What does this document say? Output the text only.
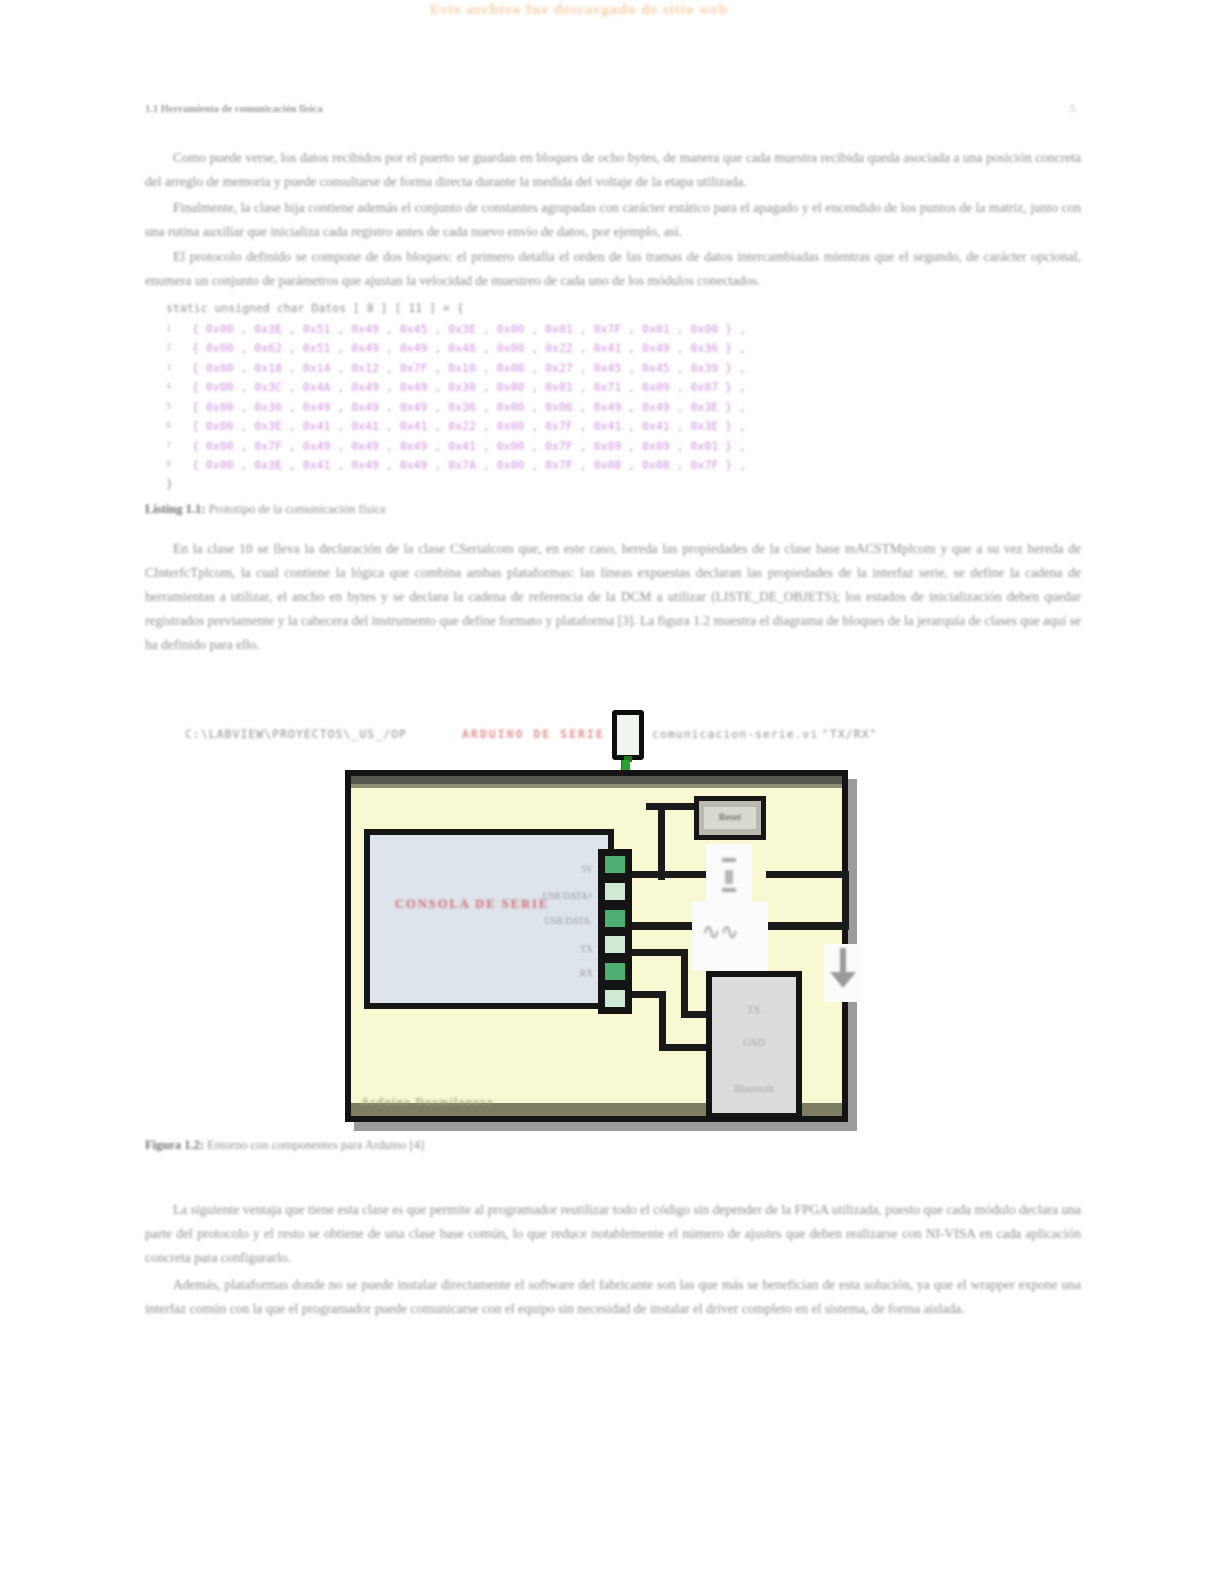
Este archivo fue descargado de sitio web
1.1 Herramienta de comunicación física	5
Como puede verse, los datos recibidos por el puerto se guardan en bloques de ocho bytes, de manera que cada muestra recibida queda asociada a una posición concreta del arreglo de memoria y puede consultarse de forma directa durante la medida del voltaje de la etapa utilizada.
Finalmente, la clase hija contiene además el conjunto de constantes agrupadas con carácter estático para el apagado y el encendido de los puntos de la matriz, junto con una rutina auxiliar que inicializa cada registro antes de cada nuevo envío de datos, por ejemplo, así.
El protocolo definido se compone de dos bloques: el primero detalla el orden de las tramas de datos intercambiadas mientras que el segundo, de carácter opcional, enumera un conjunto de parámetros que ajustan la velocidad de muestreo de cada uno de los módulos conectados.
static unsigned char Datos [ 8 ] [ 11 ] = {
1	{ 0x00 , 0x3E , 0x51 , 0x49 , 0x45 , 0x3E , 0x00 , 0x01 , 0x7F , 0x01 , 0x00 } ,
2	{ 0x00 , 0x62 , 0x51 , 0x49 , 0x49 , 0x46 , 0x00 , 0x22 , 0x41 , 0x49 , 0x36 } ,
3	{ 0x00 , 0x18 , 0x14 , 0x12 , 0x7F , 0x10 , 0x00 , 0x27 , 0x45 , 0x45 , 0x39 } ,
4	{ 0x00 , 0x3C , 0x4A , 0x49 , 0x49 , 0x30 , 0x00 , 0x01 , 0x71 , 0x09 , 0x07 } ,
5	{ 0x00 , 0x36 , 0x49 , 0x49 , 0x49 , 0x36 , 0x00 , 0x06 , 0x49 , 0x49 , 0x3E } ,
6	{ 0x00 , 0x3E , 0x41 , 0x41 , 0x41 , 0x22 , 0x00 , 0x7F , 0x41 , 0x41 , 0x3E } ,
7	{ 0x00 , 0x7F , 0x49 , 0x49 , 0x49 , 0x41 , 0x00 , 0x7F , 0x09 , 0x09 , 0x01 } ,
8	{ 0x00 , 0x3E , 0x41 , 0x49 , 0x49 , 0x7A , 0x00 , 0x7F , 0x08 , 0x08 , 0x7F } ,
}
Listing 1.1: Prototipo de la comunicación física
En la clase 10 se lleva la declaración de la clase CSerialcom que, en este caso, hereda las propiedades de la clase base mACSTMplcom y que a su vez hereda de CInterfcTplcom, la cual contiene la lógica que combina ambas plataformas: las líneas expuestas declaran las propiedades de la interfaz serie, se define la cadena de herramientas a utilizar, el ancho en bytes y se declara la cadena de referencia de la DCM a utilizar (LISTE_DE_OBJETS); los estados de inicialización deben quedar registrados previamente y la cabecera del instrumento que define formato y plataforma [3]. La figura 1.2 muestra el diagrama de bloques de la jerarquía de clases que aquí se ha definido para ello.
C:\LABVIEW\PROYECTOS\_US_/OP	ARDUINO DE SERIE	comunicacion-serie.vi "TX/RX"
CONSOLA DE SERIE
5V
USB DATA+
USB DATA-
TX
RX
Reset
∿∿
TX
GND
Bluetooth
Arduino Duemilanove
Figura 1.2: Entorno con componentes para Arduino [4]
La siguiente ventaja que tiene esta clase es que permite al programador reutilizar todo el código sin depender de la FPGA utilizada, puesto que cada módulo declara una parte del protocolo y el resto se obtiene de una clase base común, lo que reduce notablemente el número de ajustes que deben realizarse con NI-VISA en cada aplicación concreta para configurarlo.
Además, plataformas donde no se puede instalar directamente el software del fabricante son las que más se benefician de esta solución, ya que el wrapper expone una interfaz común con la que el programador puede comunicarse con el equipo sin necesidad de instalar el driver completo en el sistema, de forma aislada.
